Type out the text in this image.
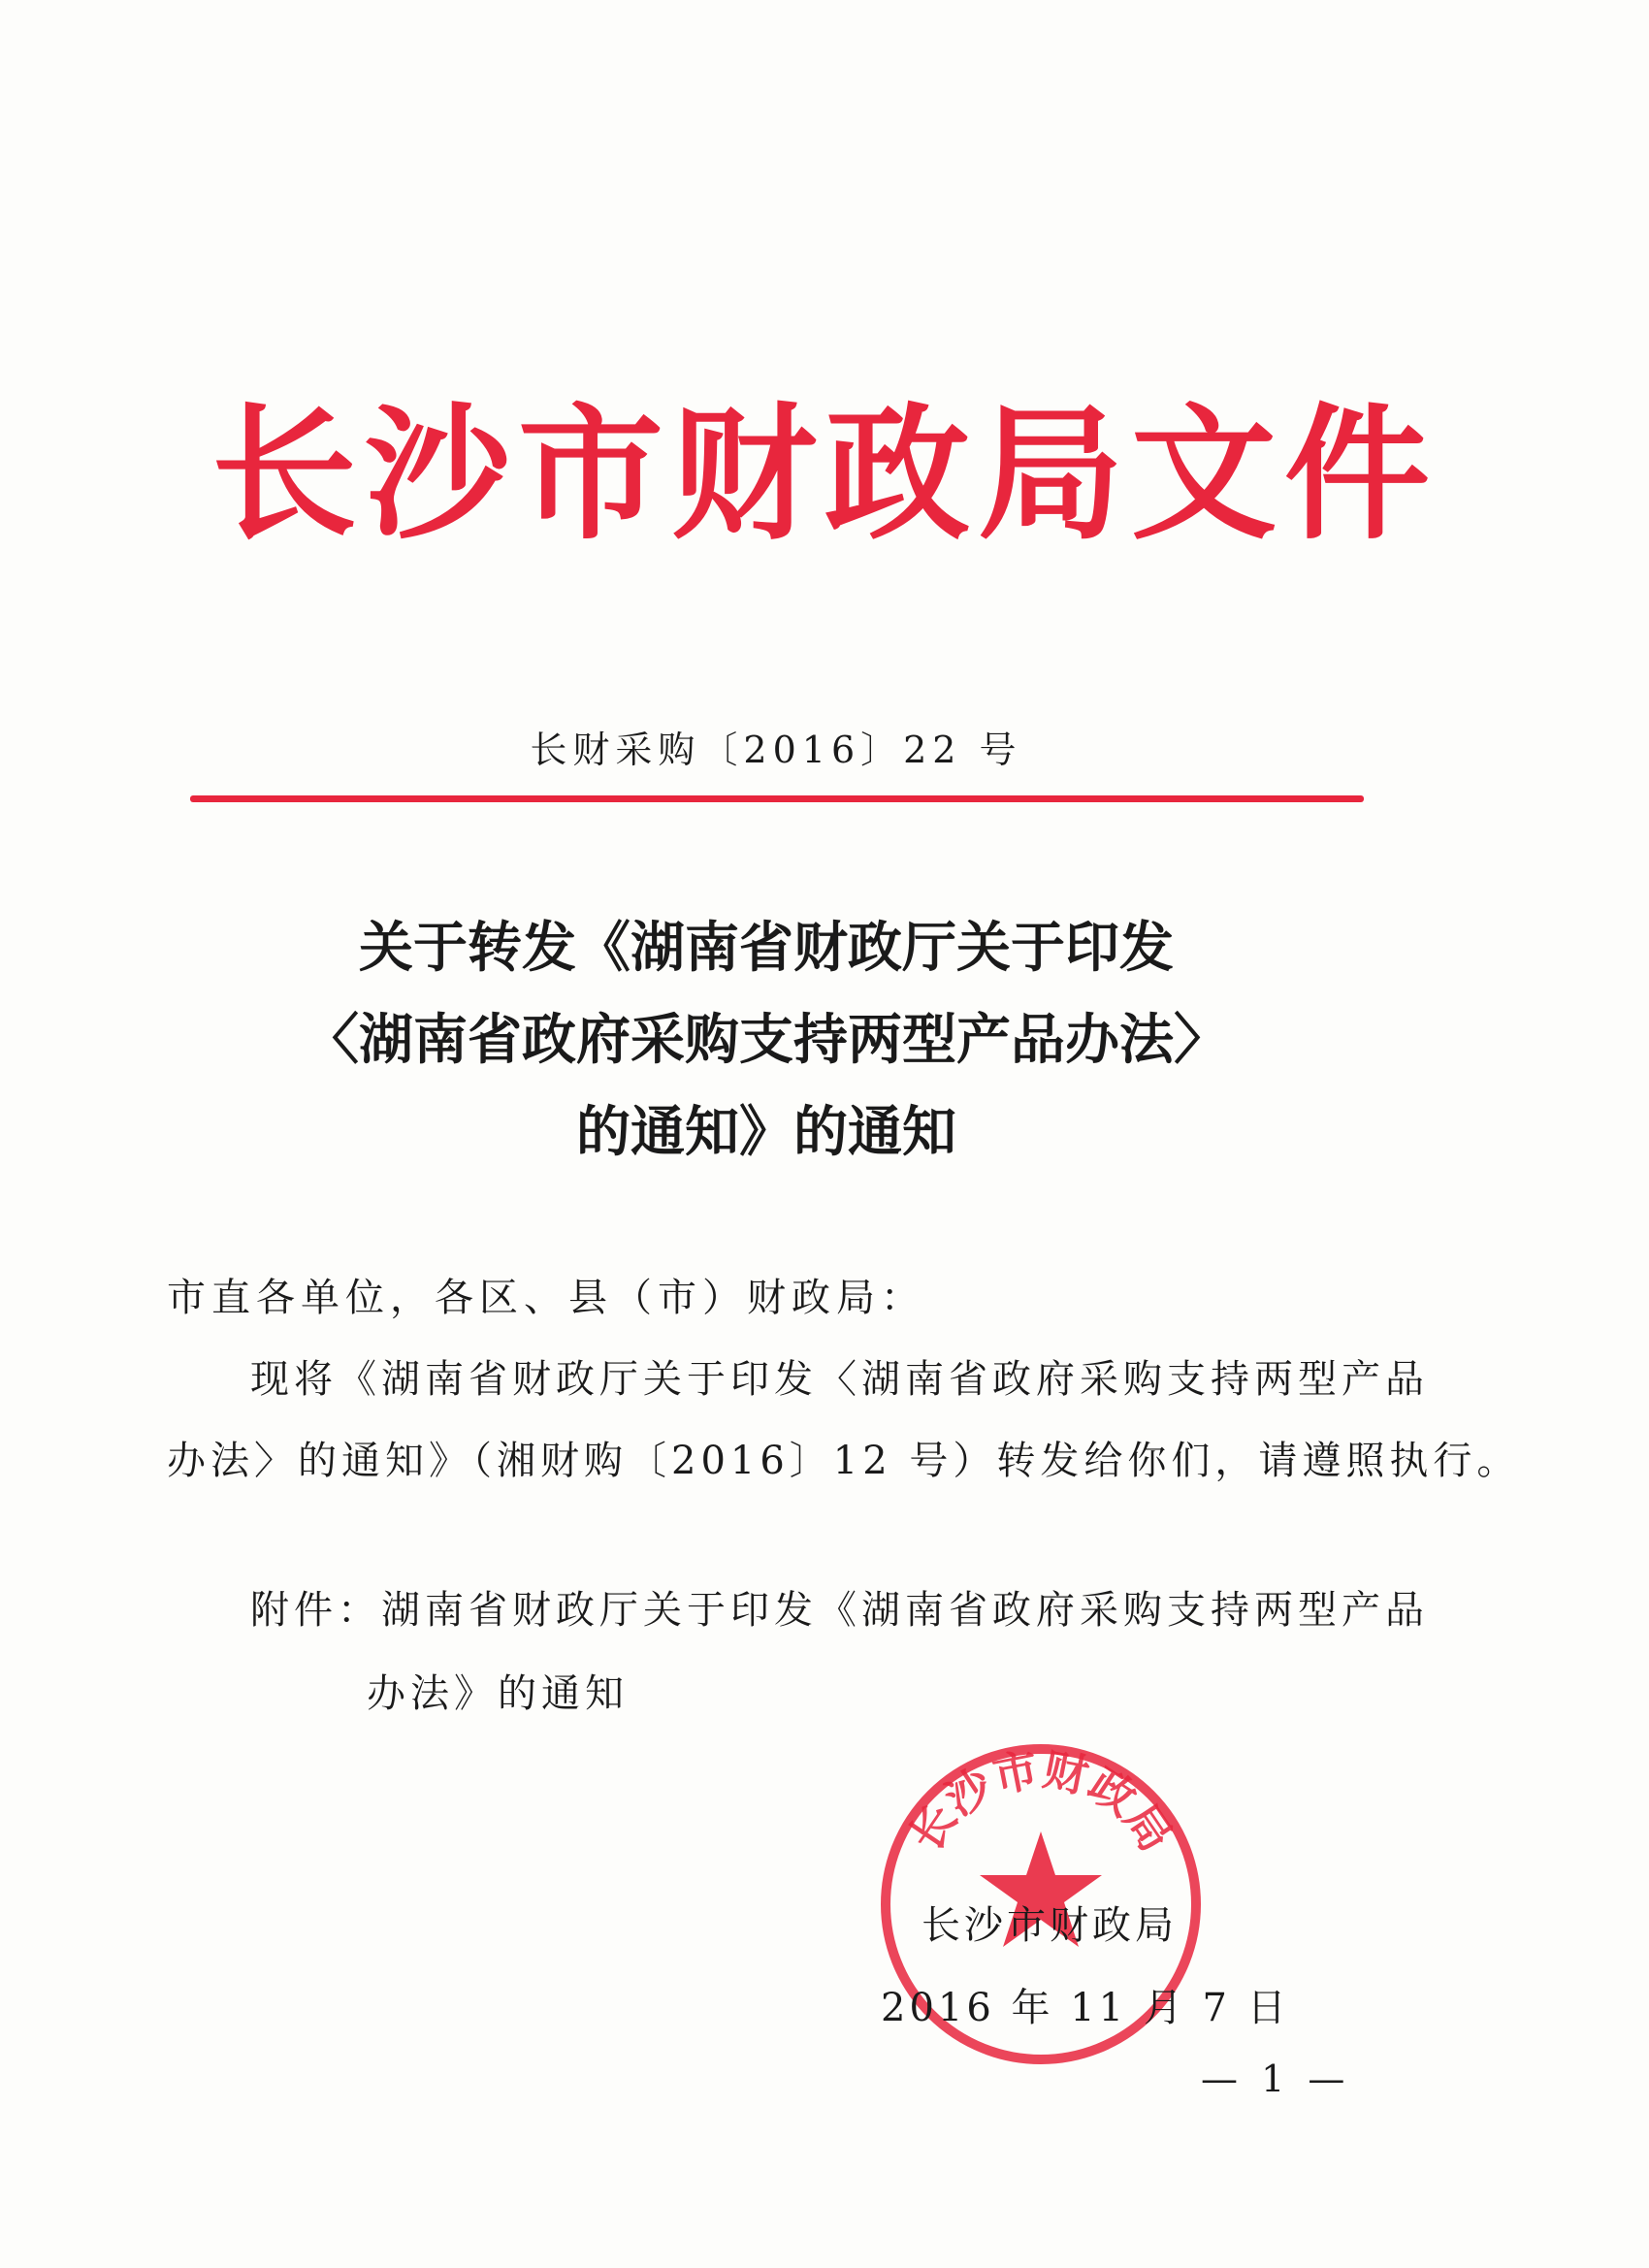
长沙市财政局文件
长财采购〔2016〕22 号
关于转发《湖南省财政厅关于印发
〈湖南省政府采购支持两型产品办法〉
的通知》的通知
市直各单位，各区、县（市）财政局：
现将《湖南省财政厅关于印发〈湖南省政府采购支持两型产品
办法〉的通知》（湘财购〔2016〕12 号）转发给你们，请遵照执行。
附件：湖南省财政厅关于印发《湖南省政府采购支持两型产品
办法》的通知
长沙市财政局
长沙市财政局
2016 年 11 月 7 日
— 1 —
